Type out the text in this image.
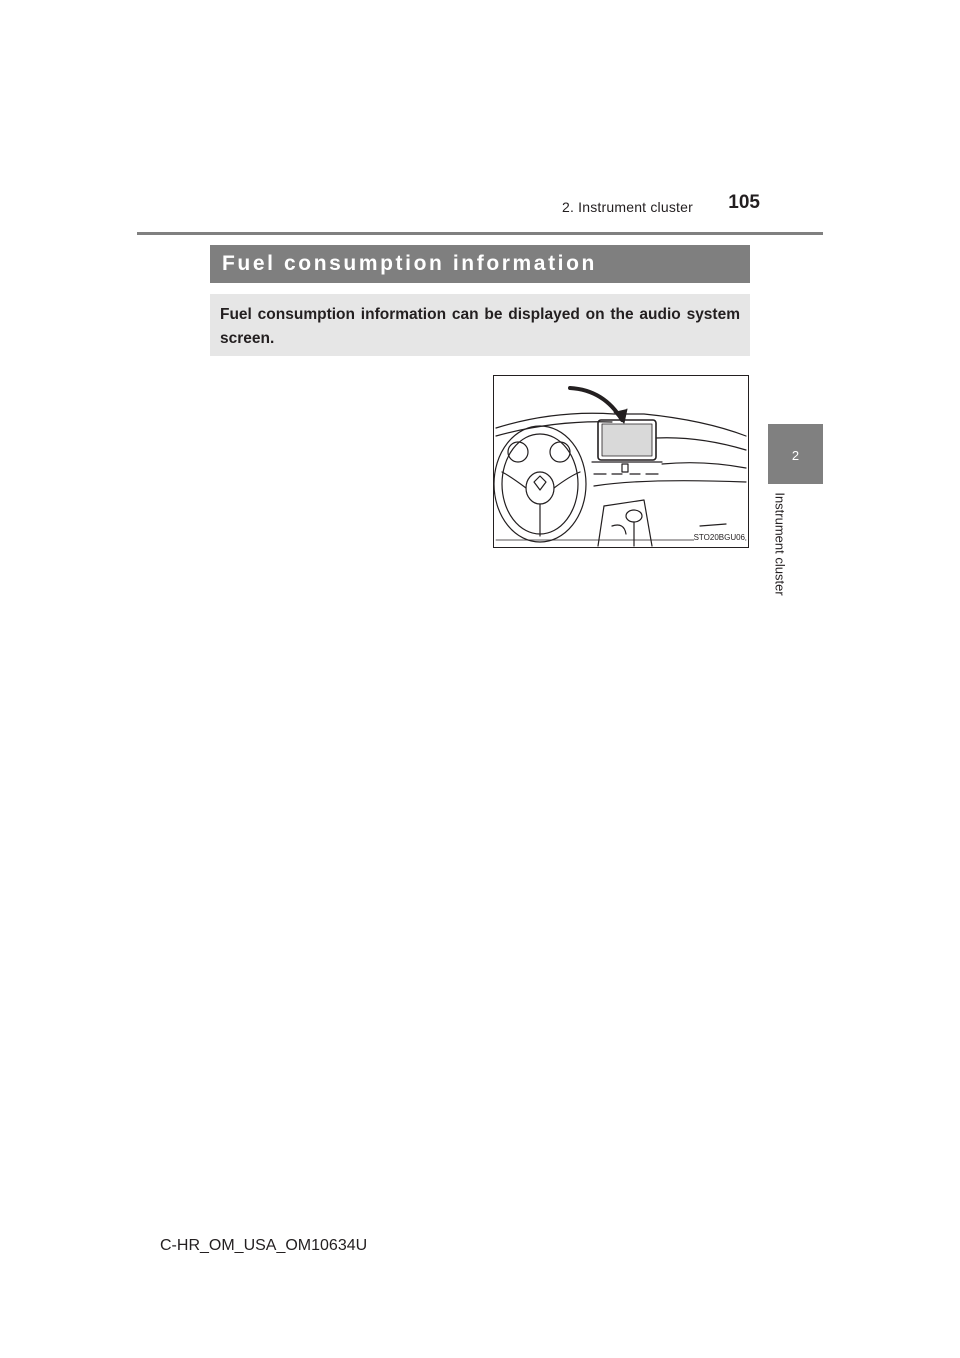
2. Instrument cluster	105
2
Instrument cluster
Fuel consumption information
Fuel consumption information can be displayed on the audio system screen.
STO20BGU06
C-HR_OM_USA_OM10634U
